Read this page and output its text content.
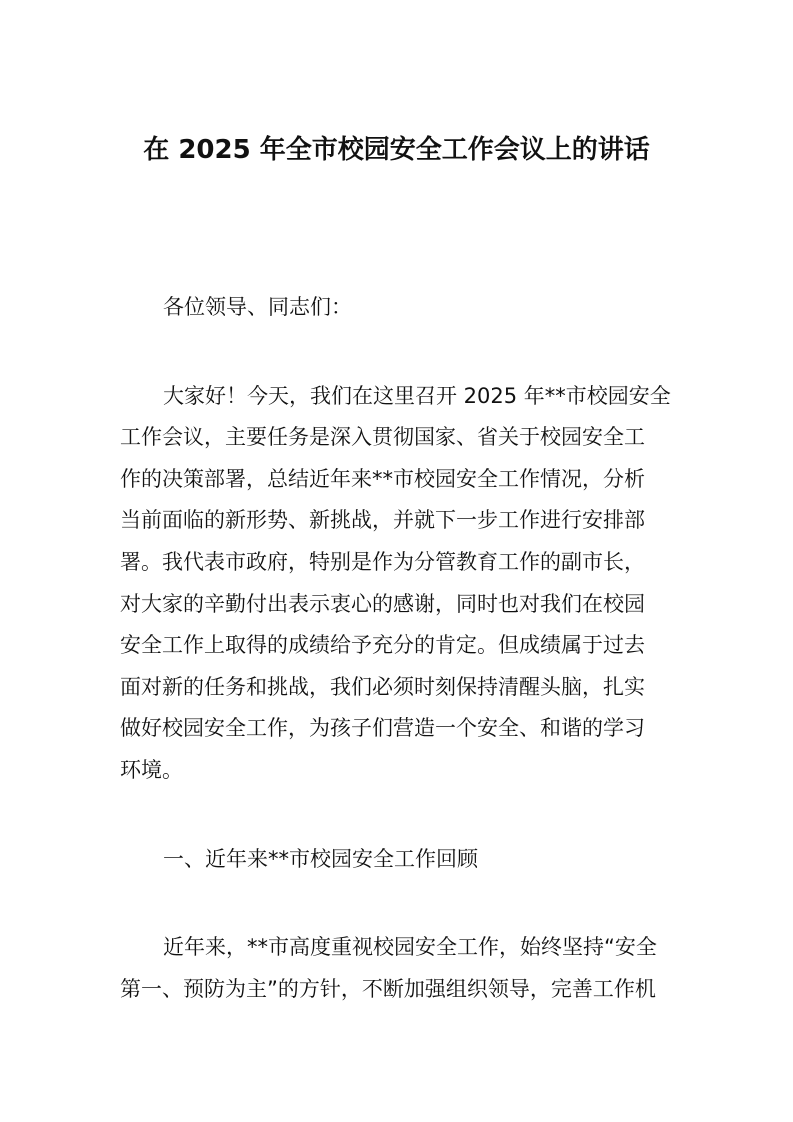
在 2025 年全市校园安全工作会议上的讲话
各位领导、同志们：
大家好！今天，我们在这里召开 2025 年**市校园安全
工作会议，主要任务是深入贯彻国家、省关于校园安全工
作的决策部署，总结近年来**市校园安全工作情况，分析
当前面临的新形势、新挑战，并就下一步工作进行安排部
署。我代表市政府，特别是作为分管教育工作的副市长，
对大家的辛勤付出表示衷心的感谢，同时也对我们在校园
安全工作上取得的成绩给予充分的肯定。但成绩属于过去
面对新的任务和挑战，我们必须时刻保持清醒头脑，扎实
做好校园安全工作，为孩子们营造一个安全、和谐的学习
环境。
一、近年来**市校园安全工作回顾
近年来，**市高度重视校园安全工作，始终坚持“安全
第一、预防为主”的方针，不断加强组织领导，完善工作机
